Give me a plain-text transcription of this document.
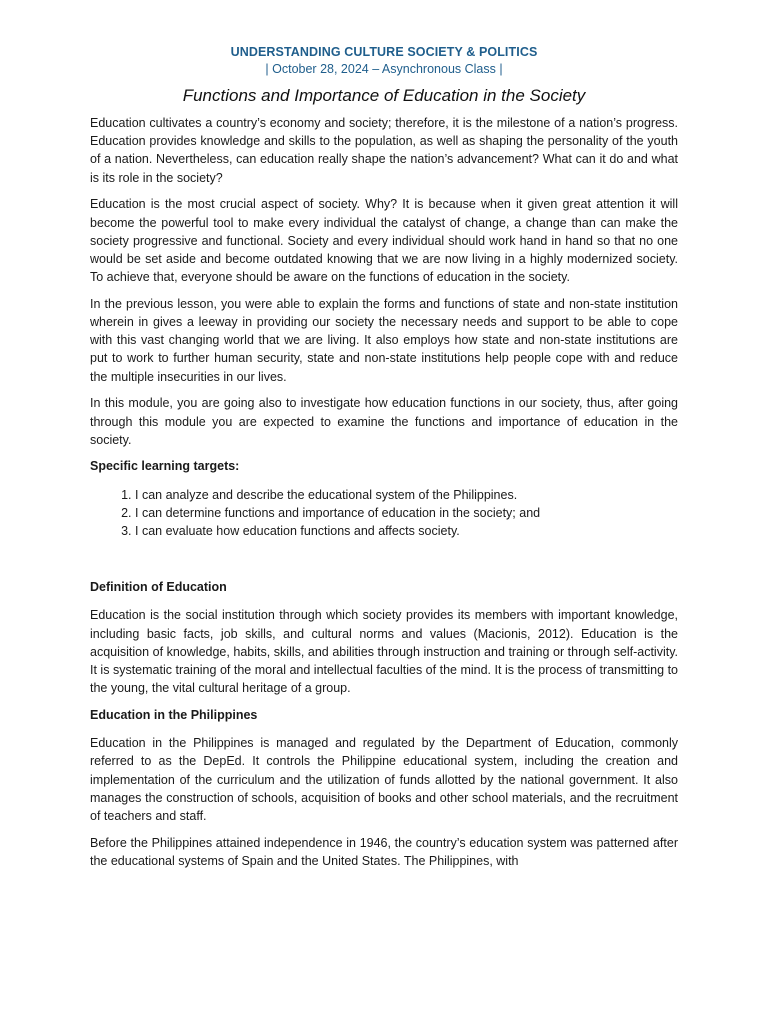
UNDERSTANDING CULTURE SOCIETY & POLITICS
| October 28, 2024 – Asynchronous Class |
Functions and Importance of Education in the Society

Education cultivates a country’s economy and society; therefore, it is the milestone of a nation’s progress. Education provides knowledge and skills to the population, as well as shaping the personality of the youth of a nation. Nevertheless, can education really shape the nation’s advancement? What can it do and what is its role in the society?

Education is the most crucial aspect of society. Why? It is because when it given great attention it will become the powerful tool to make every individual the catalyst of change, a change than can make the society progressive and functional. Society and every individual should work hand in hand so that no one would be set aside and become outdated knowing that we are now living in a highly modernized society. To achieve that, everyone should be aware on the functions of education in the society.

In the previous lesson, you were able to explain the forms and functions of state and non-state institution wherein in gives a leeway in providing our society the necessary needs and support to be able to cope with this vast changing world that we are living. It also employs how state and non-state institutions are put to work to further human security, state and non-state institutions help people cope with and reduce the multiple insecurities in our lives.

In this module, you are going also to investigate how education functions in our society, thus, after going through this module you are expected to examine the functions and importance of education in the society.

Specific learning targets:
1. I can analyze and describe the educational system of the Philippines.
2. I can determine functions and importance of education in the society; and
3. I can evaluate how education functions and affects society.
Definition of Education

Education is the social institution through which society provides its members with important knowledge, including basic facts, job skills, and cultural norms and values (Macionis, 2012). Education is the acquisition of knowledge, habits, skills, and abilities through instruction and training or through self-activity. It is systematic training of the moral and intellectual faculties of the mind. It is the process of transmitting to the young, the vital cultural heritage of a group.

Education in the Philippines

Education in the Philippines is managed and regulated by the Department of Education, commonly referred to as the DepEd. It controls the Philippine educational system, including the creation and implementation of the curriculum and the utilization of funds allotted by the national government. It also manages the construction of schools, acquisition of books and other school materials, and the recruitment of teachers and staff.

Before the Philippines attained independence in 1946, the country’s education system was patterned after the educational systems of Spain and the United States. The Philippines, with
